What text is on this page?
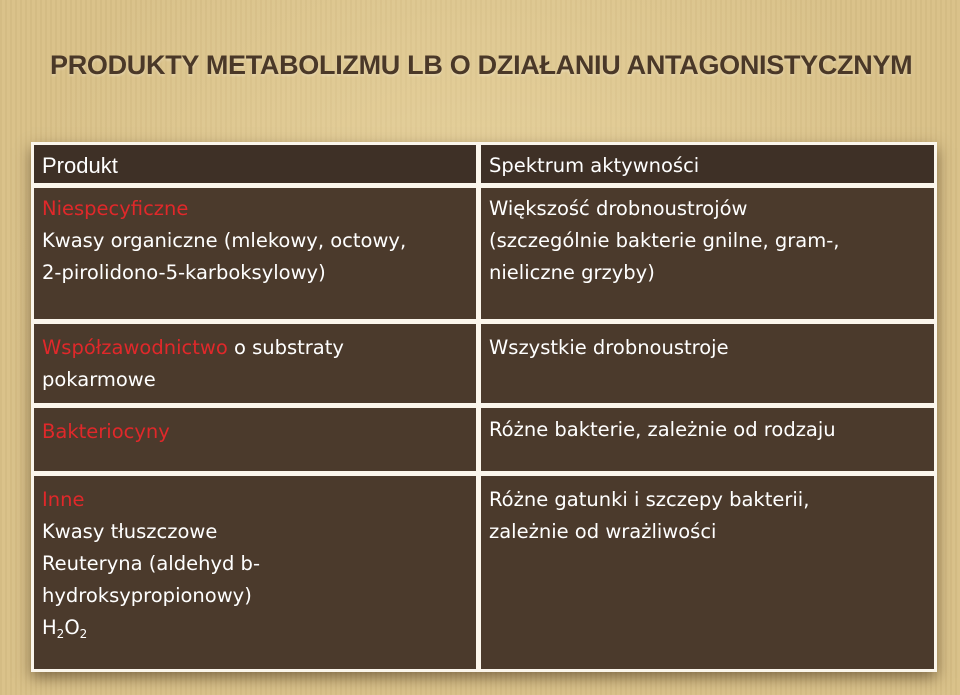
PRODUKTY METABOLIZMU LB O DZIAŁANIU ANTAGONISTYCZNYM
Produkt	Spektrum aktywności

Niespecyficzne
Kwasy organiczne (mlekowy, octowy,
2-pirolidono-5-karboksylowy)	Większość drobnoustrojów
(szczególnie bakterie gnilne, gram-,
nieliczne grzyby)

Współzawodnictwo o substraty
pokarmowe	Wszystkie drobnoustroje

Bakteriocyny	Różne bakterie, zależnie od rodzaju

Inne
Kwasy tłuszczowe
Reuteryna (aldehyd b-
hydroksypropionowy)
$H_2O_2$	Różne gatunki i szczepy bakterii,
zależnie od wrażliwości
